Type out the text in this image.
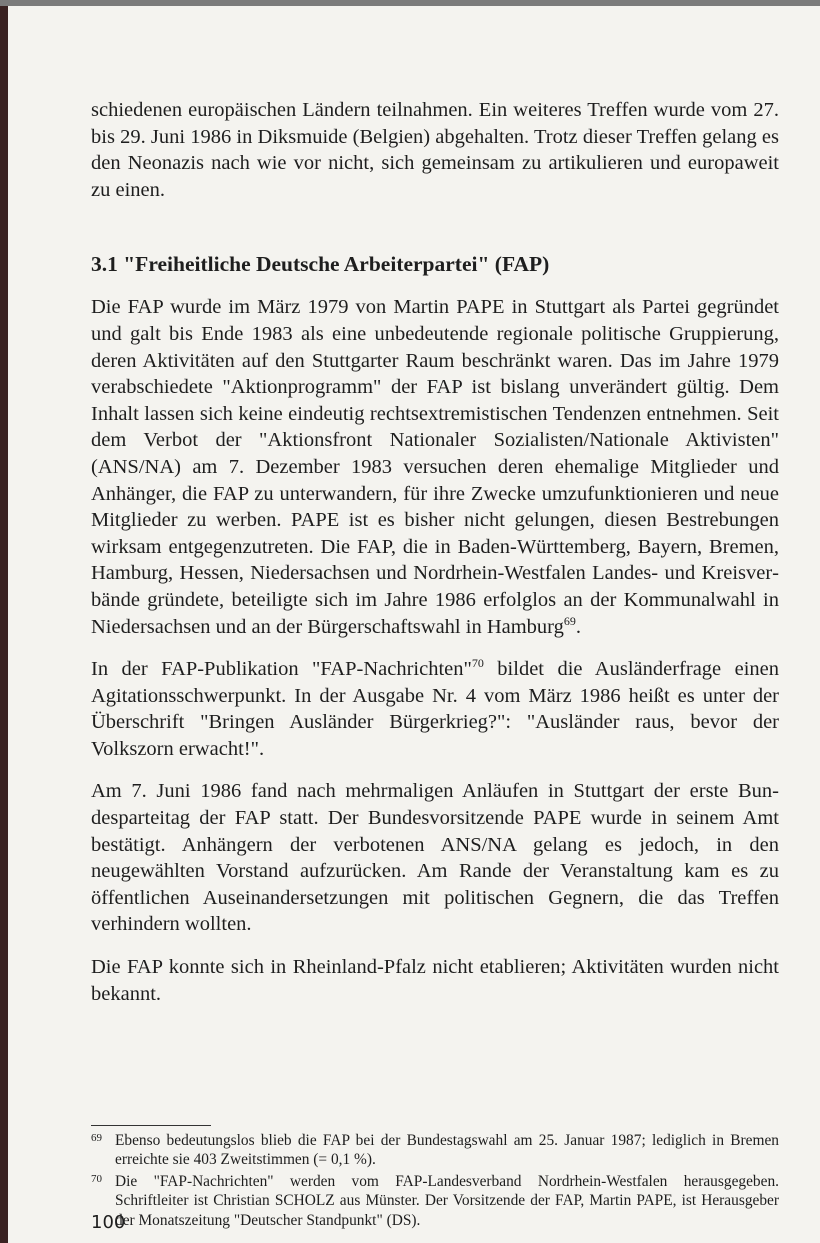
schiedenen europäischen Ländern teilnahmen. Ein weiteres Treffen wurde vom 27. bis 29. Juni 1986 in Diksmuide (Belgien) abgehalten. Trotz dieser Treffen gelang es den Neonazis nach wie vor nicht, sich gemeinsam zu artikulieren und europaweit zu einen.

3.1 "Freiheitliche Deutsche Arbeiterpartei" (FAP)

Die FAP wurde im März 1979 von Martin PAPE in Stuttgart als Partei gegründet und galt bis Ende 1983 als eine unbedeutende regionale politische Gruppierung, deren Aktivitäten auf den Stuttgarter Raum beschränkt waren. Das im Jahre 1979 verabschiedete "Aktionprogramm" der FAP ist bislang unverändert gültig. Dem Inhalt lassen sich keine eindeutig rechtsextremistischen Tendenzen entnehmen. Seit dem Verbot der "Aktionsfront Nationaler Sozialisten/Nationale Aktivisten" (ANS/NA) am 7. Dezember 1983 versuchen deren ehemalige Mitglieder und Anhänger, die FAP zu unterwandern, für ihre Zwecke umzufunktionieren und neue Mitglieder zu werben. PAPE ist es bisher nicht gelungen, diesen Bestrebungen wirksam entgegenzutreten. Die FAP, die in Baden-Württemberg, Bayern, Bremen, Hamburg, Hessen, Niedersachsen und Nordrhein-Westfalen Landes- und Kreisverbände gründete, beteiligte sich im Jahre 1986 erfolglos an der Kommunalwahl in Niedersachsen und an der Bürgerschaftswahl in Hamburg$^{69}$.

In der FAP-Publikation "FAP-Nachrichten"$^{70}$ bildet die Ausländerfrage einen Agitationsschwerpunkt. In der Ausgabe Nr. 4 vom März 1986 heißt es unter der Überschrift "Bringen Ausländer Bürgerkrieg?": "Ausländer raus, bevor der Volkszorn erwacht!".

Am 7. Juni 1986 fand nach mehrmaligen Anläufen in Stuttgart der erste Bundesparteitag der FAP statt. Der Bundesvorsitzende PAPE wurde in seinem Amt bestätigt. Anhängern der verbotenen ANS/NA gelang es jedoch, in den neugewählten Vorstand aufzurücken. Am Rande der Veranstaltung kam es zu öffentlichen Auseinandersetzungen mit politischen Gegnern, die das Treffen verhindern wollten.

Die FAP konnte sich in Rheinland-Pfalz nicht etablieren; Aktivitäten wurden nicht bekannt.

69 Ebenso bedeutungslos blieb die FAP bei der Bundestagswahl am 25. Januar 1987; lediglich in Bremen erreichte sie 403 Zweitstimmen (= 0,1 %).
70 Die "FAP-Nachrichten" werden vom FAP-Landesverband Nordrhein-Westfalen herausgegeben. Schriftleiter ist Christian SCHOLZ aus Münster. Der Vorsitzende der FAP, Martin PAPE, ist Herausgeber der Monatszeitung "Deutscher Standpunkt" (DS).
100
